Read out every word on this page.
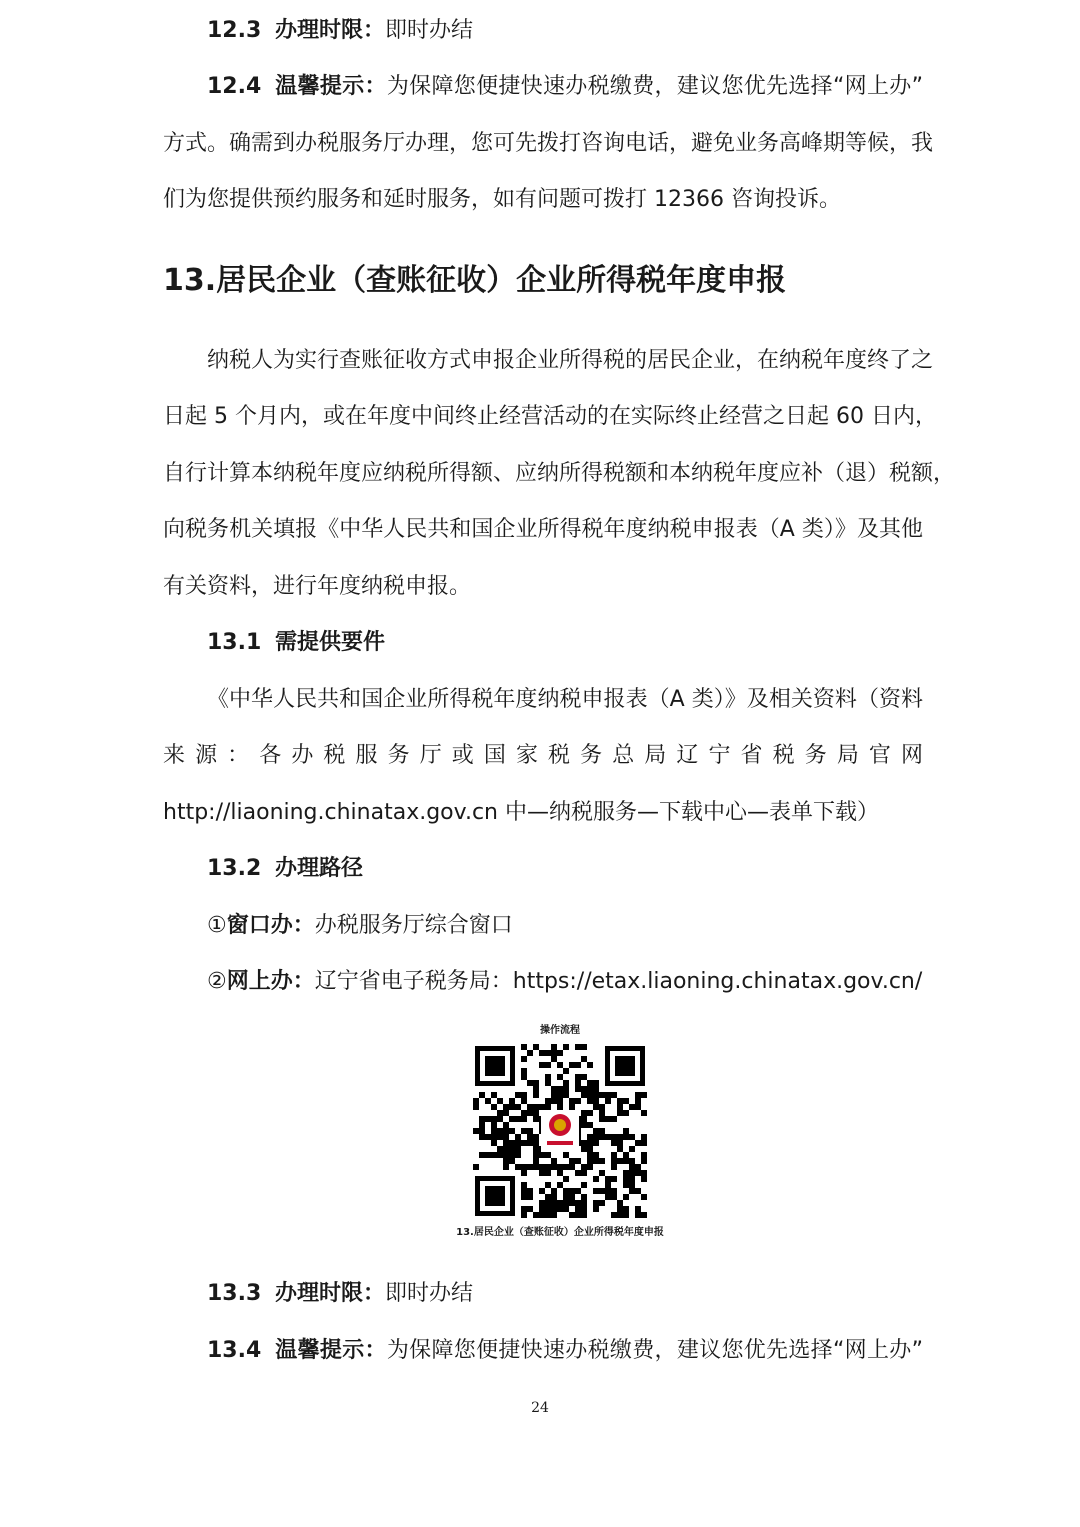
12.3 办理时限：即时办结

12.4 温馨提示：为保障您便捷快速办税缴费，建议您优先选择“网上办”

方式。确需到办税服务厅办理，您可先拨打咨询电话，避免业务高峰期等候，我

们为您提供预约服务和延时服务，如有问题可拨打 12366 咨询投诉。

13.居民企业（查账征收）企业所得税年度申报

纳税人为实行查账征收方式申报企业所得税的居民企业，在纳税年度终了之

日起 5 个月内，或在年度中间终止经营活动的在实际终止经营之日起 60 日内，

自行计算本纳税年度应纳税所得额、应纳所得税额和本纳税年度应补（退）税额，

向税务机关填报《中华人民共和国企业所得税年度纳税申报表（A 类）》及其他

有关资料，进行年度纳税申报。

13.1 需提供要件

《中华人民共和国企业所得税年度纳税申报表（A 类）》及相关资料（资料

来源：各办税服务厅或国家税务总局辽宁省税务局官网

http://liaoning.chinatax.gov.cn 中—纳税服务—下载中心—表单下载）

13.2 办理路径

①窗口办：办税服务厅综合窗口

②网上办：辽宁省电子税务局：https://etax.liaoning.chinatax.gov.cn/

操作流程
13.居民企业（查账征收）企业所得税年度申报

13.3 办理时限：即时办结

13.4 温馨提示：为保障您便捷快速办税缴费，建议您优先选择“网上办”

24
